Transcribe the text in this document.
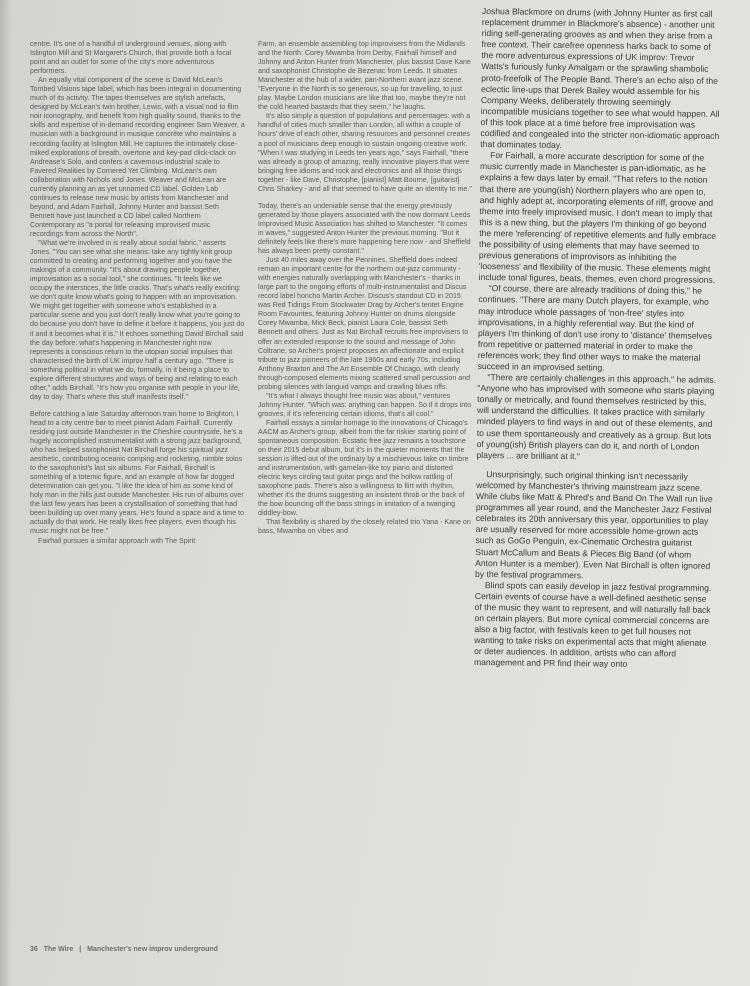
centre. It's one of a handful of underground venues, along with Islington Mill and St Margaret's Church, that provide both a focal point and an outlet for some of the city's more adventurous performers.

An equally vital component of the scene is David McLean's Tombed Visions tape label, which has been integral in documenting much of its activity. The tapes themselves are stylish artefacts, designed by McLean's twin brother, Lewis, with a visual nod to film noir iconography, and benefit from high quality sound, thanks to the skills and expertise of in-demand recording engineer Sam Weaver, a musician with a background in musique concrète who maintains a recording facility at Islington Mill. He captures the intimately close-miked explorations of breath, overtone and key-pad click-clack on Andrease's Solo, and confers a cavernous industrial scale to Favered Realities by Cornered Yet Climbing. McLean's own collaboration with Nichols and Jones. Weaver and McLean are currently planning an as yet unnamed CD label. Golden Lab continues to release new music by artists from Manchester and beyond, and Adam Fairhall, Johnny Hunter and bassist Seth Bennett have just launched a CD label called Northern Contemporary as "a portal for releasing improvised music recordings from across the North".

"What we're involved in is really about social fabric," asserts Jones. "You can see what she means: take any tightly knit group committed to creating and performing together and you have the makings of a community. "It's about drawing people together, improvisation as a social tool," she continues. "It feels like we occupy the interstices, the little cracks. That's what's really exciting: we don't quite know what's going to happen with an improvisation. We might get together with someone who's established in a particular scene and you just don't really know what you're going to do because you don't have to define it before it happens, you just do it and it becomes what it is." It echoes something David Birchall said the day before: what's happening in Manchester right now represents a conscious return to the utopian social impulses that characterised the birth of UK improv half a century ago. "There is something political in what we do, formally, in it being a place to explore different structures and ways of being and relating to each other," adds Birchall. "It's how you organise with people in your life, day to day. That's where this stuff manifests itself."

Before catching a late Saturday afternoon train home to Brighton, I head to a city centre bar to meet pianist Adam Fairhall. Currently residing just outside Manchester in the Cheshire countryside, he's a hugely accomplished instrumentalist with a strong jazz background, who has helped saxophonist Nat Birchall forge his spiritual jazz aesthetic, contributing oceanic comping and rocketing, nimble solos to the saxophonist's last six albums. For Fairhall, Birchall is something of a totemic figure, and an example of how far dogged determination can get you. "I like the idea of him as some kind of holy man in the hills just outside Manchester. His run of albums over the last few years has been a crystallisation of something that had been building up over many years. He's found a space and a time to actually do that work. He really likes free players, even though his music might not be free."

Fairhall pursues a similar approach with The Spirit

Farm, an ensemble assembling top improvisers from the Midlands and the North: Corey Mwamba from Derby, Fairhall himself and Johnny and Anton Hunter from Manchester, plus bassist Dave Kane and saxophonist Christophe de Bezenac from Leeds. It situates Manchester at the hub of a wider, pan-Northern avant jazz scene. "Everyone in the North is so generous, so up for travelling, to just play. Maybe London musicians are like that too, maybe they're not the cold hearted bastards that they seem," he laughs.

It's also simply a question of populations and percentages: with a handful of cities much smaller than London, all within a couple of hours' drive of each other, sharing resources and personnel creates a pool of musicians deep enough to sustain ongoing creative work. "When I was studying in Leeds ten years ago," says Fairhall, "there was already a group of amazing, really innovative players that were bringing free idioms and rock and electronics and all those things together - like Dave, Christophe, [pianist] Matt Bourne, [guitarist] Chris Sharkey - and all that seemed to have quite an identity to me."

Today, there's an undeniable sense that the energy previously generated by those players associated with the now dormant Leeds Improvised Music Association has shifted to Manchester. "It comes in waves," suggested Anton Hunter the previous morning. "But it definitely feels like there's more happening here now - and Sheffield has always been pretty constant."

Just 40 miles away over the Pennines, Sheffield does indeed remain an important centre for the northern out-jazz community - with energies naturally overlapping with Manchester's - thanks in large part to the ongoing efforts of multi-instrumentalist and Discus record label honcho Martin Archer. Discus's standout CD in 2015 was Red Tidings From Stockwater Drag by Archer's tentet Engine Room Favourites, featuring Johnny Hunter on drums alongside Corey Mwamba, Mick Beck, pianist Laura Cole, bassist Seth Bennett and others. Just as Nat Birchall recruits free improvisers to offer an extended response to the sound and message of John Coltrane, so Archer's project proposes an affectionate and explicit tribute to jazz pioneers of the late 1960s and early 70s, including Anthony Braxton and The Art Ensemble Of Chicago, with clearly through-composed elements mixing scattered small percussion and probing silences with languid vamps and crawling blues riffs.

"It's what I always thought free music was about," ventures Johnny Hunter. "Which was: anything can happen. So if it drops into grooves, if it's referencing certain idioms, that's all cool."

Fairhall essays a similar homage to the innovations of Chicago's AACM as Archer's group, albeit from the far riskier starting point of spontaneous composition. Ecstatic free jazz remains a touchstone on their 2015 debut album, but it's in the quieter moments that the session is lifted out of the ordinary by a mischievous take on timbre and instrumentation, with gamelan-like toy piano and distorted electric keys circling taut guitar pings and the hollow rattling of saxophone pads. There's also a willingness to flirt with rhythm, whether it's the drums suggesting an insistent throb or the back of the bow bouncing off the bass strings in imitation of a twanging diddley-bow.

That flexibility is shared by the closely related trio Yana - Kane on bass, Mwamba on vibes and

Joshua Blackmore on drums (with Johnny Hunter as first call replacement drummer in Blackmore's absence) - another unit riding self-generating grooves as and when they arise from a free context. Their carefree openness harks back to some of the more adventurous expressions of UK improv: Trevor Watts's furiously funky Amalgam or the sprawling shambolic proto-freefolk of The People Band. There's an echo also of the eclectic line-ups that Derek Bailey would assemble for his Company Weeks, deliberately throwing seemingly incompatible musicians together to see what would happen. All of this took place at a time before free improvisation was codified and congealed into the stricter non-idiomatic approach that dominates today.

For Fairhall, a more accurate description for some of the music currently made in Manchester is pan-idiomatic, as he explains a few days later by email. "That refers to the notion that there are young(ish) Northern players who are open to, and highly adept at, incorporating elements of riff, groove and theme into freely improvised music. I don't mean to imply that this is a new thing, but the players I'm thinking of go beyond the mere 'referencing' of repetitive elements and fully embrace the possibility of using elements that may have seemed to previous generations of improvisors as inhibiting the 'looseness' and flexibility of the music. These elements might include tonal figures, beats, themes, even chord progressions.

"Of course, there are already traditions of doing this," he continues. "There are many Dutch players, for example, who may introduce whole passages of 'non-free' styles into improvisations, in a highly referential way. But the kind of players I'm thinking of don't use irony to 'distance' themselves from repetitive or patterned material in order to make the references work; they find other ways to make the material succeed in an improvised setting.

"There are certainly challenges in this approach," he admits. "Anyone who has improvised with someone who starts playing tonally or metrically, and found themselves restricted by this, will understand the difficulties. It takes practice with similarly minded players to find ways in and out of these elements, and to use them spontaneously and creatively as a group. But lots of young(ish) British players can do it, and north of London players ... are brilliant at it."

Unsurprisingly, such original thinking isn't necessarily welcomed by Manchester's thriving mainstream jazz scene. While clubs like Matt & Phred's and Band On The Wall run live programmes all year round, and the Manchester Jazz Festival celebrates its 20th anniversary this year, opportunities to play are usually reserved for more accessible home-grown acts such as GoGo Penguin, ex-Cinematic Orchestra guitarist Stuart McCallum and Beats & Pieces Big Band (of whom Anton Hunter is a member). Even Nat Birchall is often ignored by the festival programmers.

Blind spots can easily develop in jazz festival programming. Certain events of course have a well-defined aesthetic sense of the music they want to represent, and will naturally fall back on certain players. But more cynical commercial concerns are also a big factor, with festivals keen to get full houses not wanting to take risks on experimental acts that might alienate or deter audiences. In addition, artists who can afford management and PR find their way onto

36 The Wire | Manchester's new improv underground
